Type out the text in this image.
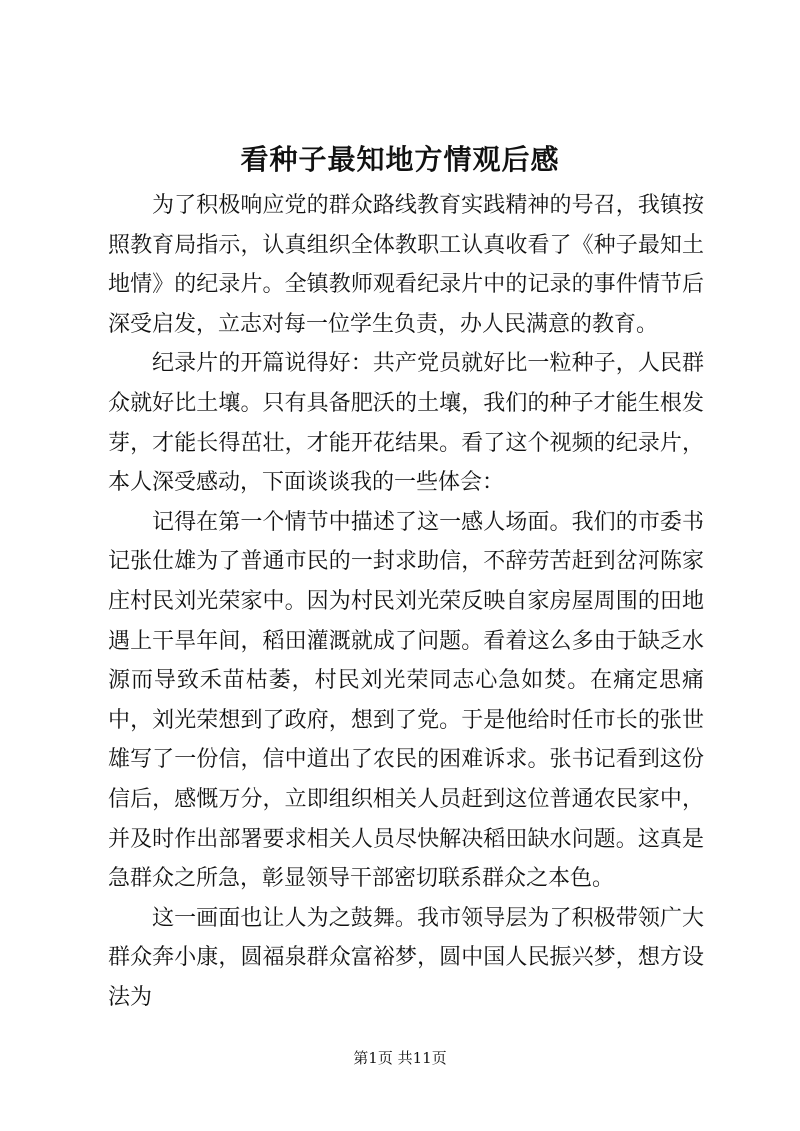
看种子最知地方情观后感

为了积极响应党的群众路线教育实践精神的号召，我镇按照教育局指示，认真组织全体教职工认真收看了《种子最知土地情》的纪录片。全镇教师观看纪录片中的记录的事件情节后深受启发，立志对每一位学生负责，办人民满意的教育。

纪录片的开篇说得好：共产党员就好比一粒种子，人民群众就好比土壤。只有具备肥沃的土壤，我们的种子才能生根发芽，才能长得茁壮，才能开花结果。看了这个视频的纪录片，本人深受感动，下面谈谈我的一些体会：

记得在第一个情节中描述了这一感人场面。我们的市委书记张仕雄为了普通市民的一封求助信，不辞劳苦赶到岔河陈家庄村民刘光荣家中。因为村民刘光荣反映自家房屋周围的田地遇上干旱年间，稻田灌溉就成了问题。看着这么多由于缺乏水源而导致禾苗枯萎，村民刘光荣同志心急如焚。在痛定思痛中，刘光荣想到了政府，想到了党。于是他给时任市长的张世雄写了一份信，信中道出了农民的困难诉求。张书记看到这份信后，感慨万分，立即组织相关人员赶到这位普通农民家中，并及时作出部署要求相关人员尽快解决稻田缺水问题。这真是急群众之所急，彰显领导干部密切联系群众之本色。

这一画面也让人为之鼓舞。我市领导层为了积极带领广大群众奔小康，圆福泉群众富裕梦，圆中国人民振兴梦，想方设法为

第1页 共11页
